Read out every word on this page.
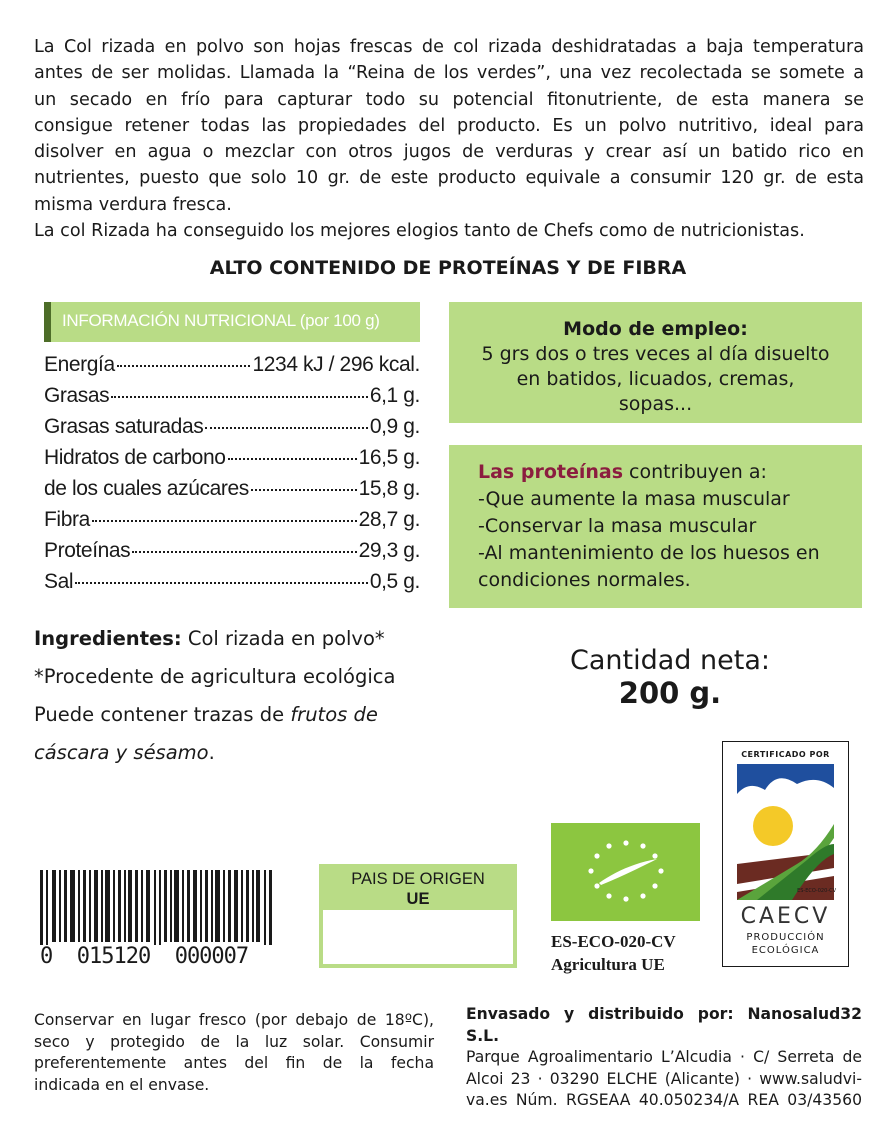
La Col rizada en polvo son hojas frescas de col rizada deshidratadas a baja temperatura

antes de ser molidas. Llamada la “Reina de los verdes”, una vez recolectada se somete a

un secado en frío para capturar todo su potencial fitonutriente, de esta manera se

consigue retener todas las propiedades del producto. Es un polvo nutritivo, ideal para

disolver en agua o mezclar con otros jugos de verduras y crear así un batido rico en

nutrientes, puesto que solo 10 gr. de este producto equivale a consumir 120 gr. de esta

misma verdura fresca.

La col Rizada ha conseguido los mejores elogios tanto de Chefs como de nutricionistas.

ALTO CONTENIDO DE PROTEÍNAS Y DE FIBRA
INFORMACIÓN NUTRICIONAL (por 100 g)
Energía	1234 kJ / 296 kcal.
Grasas	6,1 g.
Grasas saturadas	0,9 g.
Hidratos de carbono	16,5 g.
de los cuales azúcares	15,8 g.
Fibra	28,7 g.
Proteínas	29,3 g.
Sal	0,5 g.
Modo de empleo:
5 grs dos o tres veces al día disuelto
en batidos, licuados, cremas,
sopas...
Las proteínas contribuyen a:
-Que aumente la masa muscular
-Conservar la masa muscular
-Al mantenimiento de los huesos en
condiciones normales.
Ingredientes: Col rizada en polvo*
*Procedente de agricultura ecológica
Puede contener trazas de frutos de
cáscara y sésamo.
Cantidad neta:
200 g.
0  015120  000007
PAIS DE ORIGEN
UE
ES-ECO-020-CV
Agricultura UE
CERTIFICADO POR
ES-ECO-020-CV
CAECV
PRODUCCIÓN
ECOLÓGICA
Conservar en lugar fresco (por debajo de 18ºC),
seco y protegido de la luz solar. Consumir
preferentemente antes del fin de la fecha
indicada en el envase.
Envasado y distribuido por: Nanosalud32 S.L.
Parque Agroalimentario L’Alcudia · C/ Serreta de
Alcoi 23 · 03290 ELCHE (Alicante) · www.saludvi-
va.es Núm. RGSEAA 40.050234/A REA 03/43560
